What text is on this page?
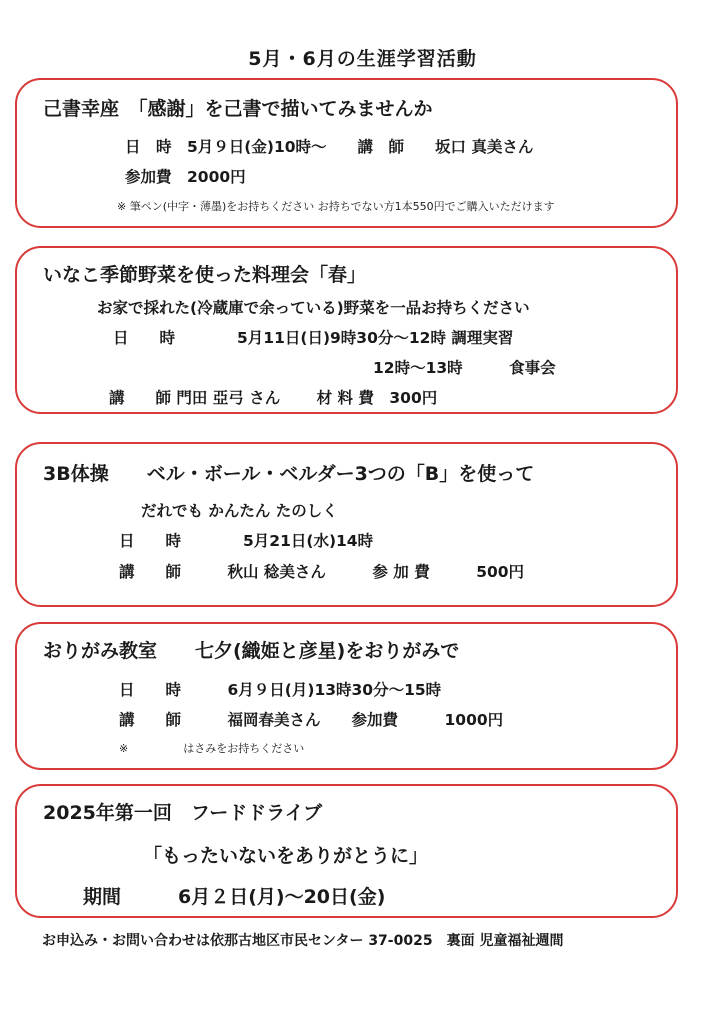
5月・6月の生涯学習活動
己書幸座　「感謝」を己書で描いてみませんか
日　時　5月９日(金)10時～　　講　師　　坂口 真美さん
参加費　2000円
※ 筆ペン(中字・薄墨)をお持ちください お持ちでない方1本550円でご購入いただけます
いなこ季節野菜を使った料理会「春」
お家で採れた(冷蔵庫で余っている)野菜を一品お持ちください
日　　時　　　　5月11日(日)9時30分～12時 調理実習
12時～13時　　　食事会
講　　師 門田 亞弓 さん　　 材 料 費　300円
3B体操　　ベル・ボール・ベルダー3つの「B」を使って
だれでも かんたん たのしく
日　　時　　　　5月21日(水)14時
講　　師　　　秋山 稔美さん　　　参 加 費　　　500円
おりがみ教室　　七夕(織姫と彦星)をおりがみで
日　　時　　　6月９日(月)13時30分～15時
講　　師　　　福岡春美さん　　参加費　　　1000円
※　　　　　はさみをお持ちください
2025年第一回　フードドライブ
「もったいないをありがとうに」
期間　　　6月２日(月)～20日(金)
お申込み・お問い合わせは依那古地区市民センター 37-0025　裏面 児童福祉週間
